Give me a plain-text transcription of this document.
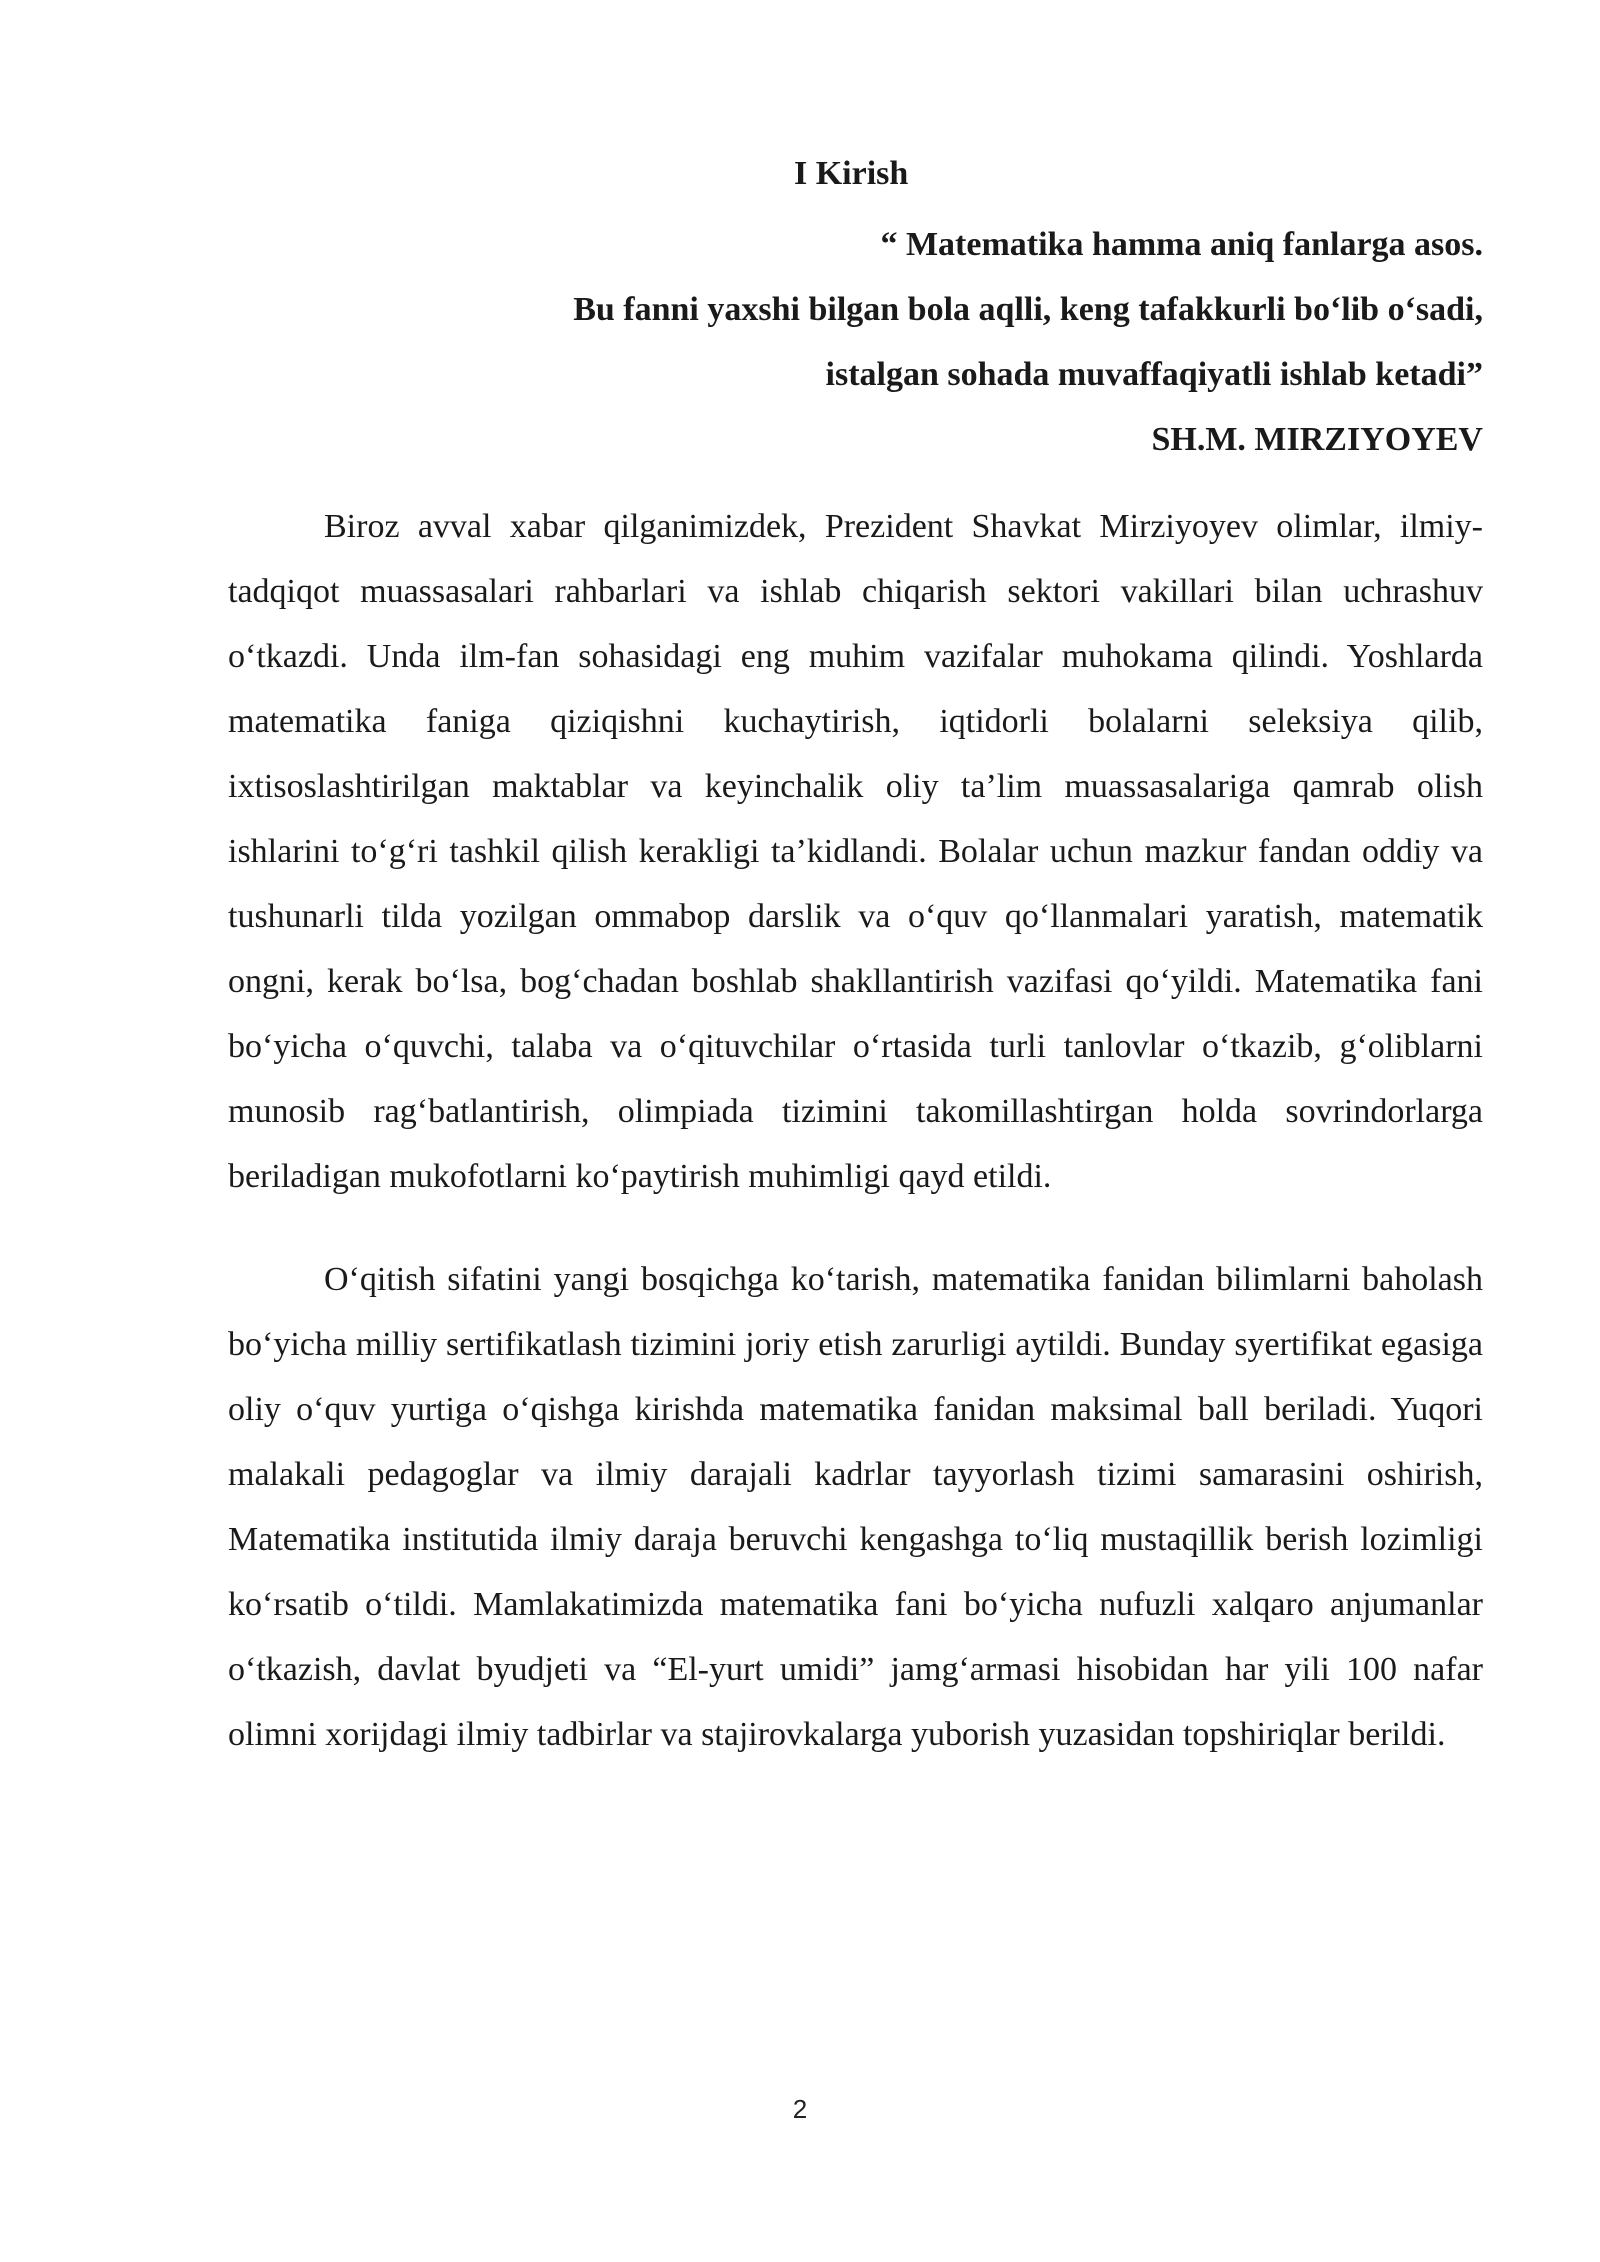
I Kirish
“ Matematika hamma aniq fanlarga asos.
Bu fanni yaxshi bilgan bola aqlli, keng tafakkurli bo‘lib o‘sadi,
istalgan sohada muvaffaqiyatli ishlab ketadi”

SH.M. MIRZIYOYEV

Biroz avval xabar qilganimizdek, Prezident Shavkat Mirziyoyev olimlar, ilmiy-tadqiqot muassasalari rahbarlari va ishlab chiqarish sektori vakillari bilan uchrashuv o‘tkazdi. Unda ilm-fan sohasidagi eng muhim vazifalar muhokama qilindi. Yoshlarda matematika faniga qiziqishni kuchaytirish, iqtidorli bolalarni seleksiya qilib, ixtisoslashtirilgan maktablar va keyinchalik oliy ta’lim muassasalariga qamrab olish ishlarini to‘g‘ri tashkil qilish kerakligi ta’kidlandi. Bolalar uchun mazkur fandan oddiy va tushunarli tilda yozilgan ommabop darslik va o‘quv qo‘llanmalari yaratish, matematik ongni, kerak bo‘lsa, bog‘chadan boshlab shakllantirish vazifasi qo‘yildi. Matematika fani bo‘yicha o‘quvchi, talaba va o‘qituvchilar o‘rtasida turli tanlovlar o‘tkazib, g‘oliblarni munosib rag‘batlantirish, olimpiada tizimini takomillashtirgan holda sovrindorlarga beriladigan mukofotlarni ko‘paytirish muhimligi qayd etildi.

O‘qitish sifatini yangi bosqichga ko‘tarish, matematika fanidan bilimlarni baholash bo‘yicha milliy sertifikatlash tizimini joriy etish zarurligi aytildi. Bunday syertifikat egasiga oliy o‘quv yurtiga o‘qishga kirishda matematika fanidan maksimal ball beriladi. Yuqori malakali pedagoglar va ilmiy darajali kadrlar tayyorlash tizimi samarasini oshirish, Matematika institutida ilmiy daraja beruvchi kengashga to‘liq mustaqillik berish lozimligi ko‘rsatib o‘tildi. Mamlakatimizda matematika fani bo‘yicha nufuzli xalqaro anjumanlar o‘tkazish, davlat byudjeti va “El-yurt umidi” jamg‘armasi hisobidan har yili 100 nafar olimni xorijdagi ilmiy tadbirlar va stajirovkalarga yuborish yuzasidan topshiriqlar berildi.

2
